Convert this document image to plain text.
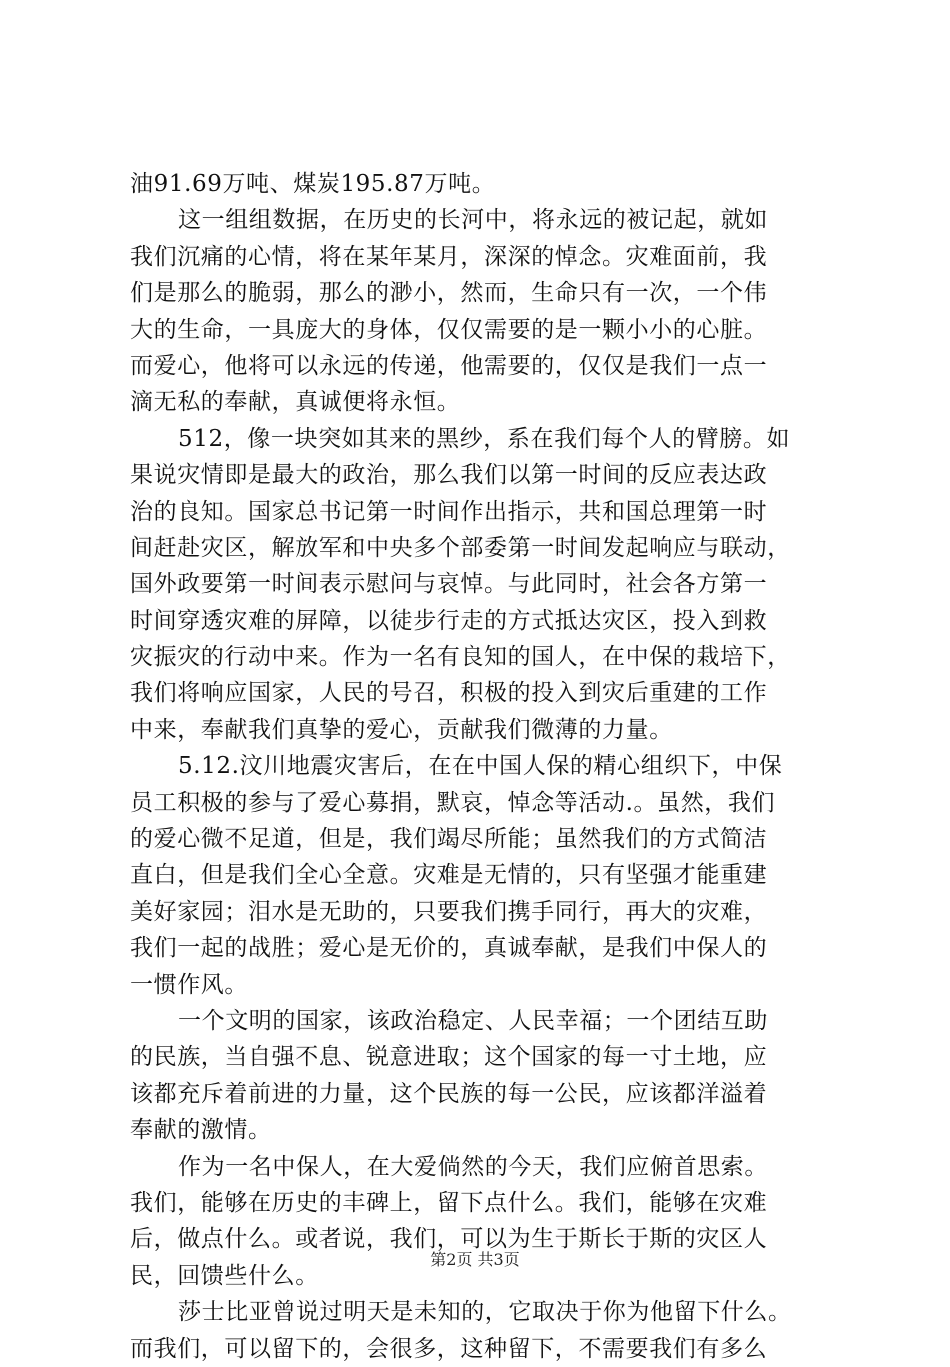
油91.69万吨、煤炭195.87万吨。
这一组组数据，在历史的长河中，将永远的被记起，就如
我们沉痛的心情，将在某年某月，深深的悼念。灾难面前，我
们是那么的脆弱，那么的渺小，然而，生命只有一次，一个伟
大的生命，一具庞大的身体，仅仅需要的是一颗小小的心脏。
而爱心，他将可以永远的传递，他需要的，仅仅是我们一点一
滴无私的奉献，真诚便将永恒。
512，像一块突如其来的黑纱，系在我们每个人的臂膀。如
果说灾情即是最大的政治，那么我们以第一时间的反应表达政
治的良知。国家总书记第一时间作出指示，共和国总理第一时
间赶赴灾区，解放军和中央多个部委第一时间发起响应与联动，
国外政要第一时间表示慰问与哀悼。与此同时，社会各方第一
时间穿透灾难的屏障，以徒步行走的方式抵达灾区，投入到救
灾振灾的行动中来。作为一名有良知的国人，在中保的栽培下，
我们将响应国家，人民的号召，积极的投入到灾后重建的工作
中来，奉献我们真挚的爱心，贡献我们微薄的力量。
5.12.汶川地震灾害后，在在中国人保的精心组织下，中保
员工积极的参与了爱心募捐，默哀，悼念等活动.。虽然，我们
的爱心微不足道，但是，我们竭尽所能；虽然我们的方式简洁
直白，但是我们全心全意。灾难是无情的，只有坚强才能重建
美好家园；泪水是无助的，只要我们携手同行，再大的灾难，
我们一起的战胜；爱心是无价的，真诚奉献，是我们中保人的
一惯作风。
一个文明的国家，该政治稳定、人民幸福；一个团结互助
的民族，当自强不息、锐意进取；这个国家的每一寸土地，应
该都充斥着前进的力量，这个民族的每一公民，应该都洋溢着
奉献的激情。
作为一名中保人，在大爱倘然的今天，我们应俯首思索。
我们，能够在历史的丰碑上，留下点什么。我们，能够在灾难
后，做点什么。或者说，我们，可以为生于斯长于斯的灾区人
民，回馈些什么。
莎士比亚曾说过明天是未知的，它取决于你为他留下什么。
而我们，可以留下的，会很多，这种留下，不需要我们有多么
第2页 共3页
